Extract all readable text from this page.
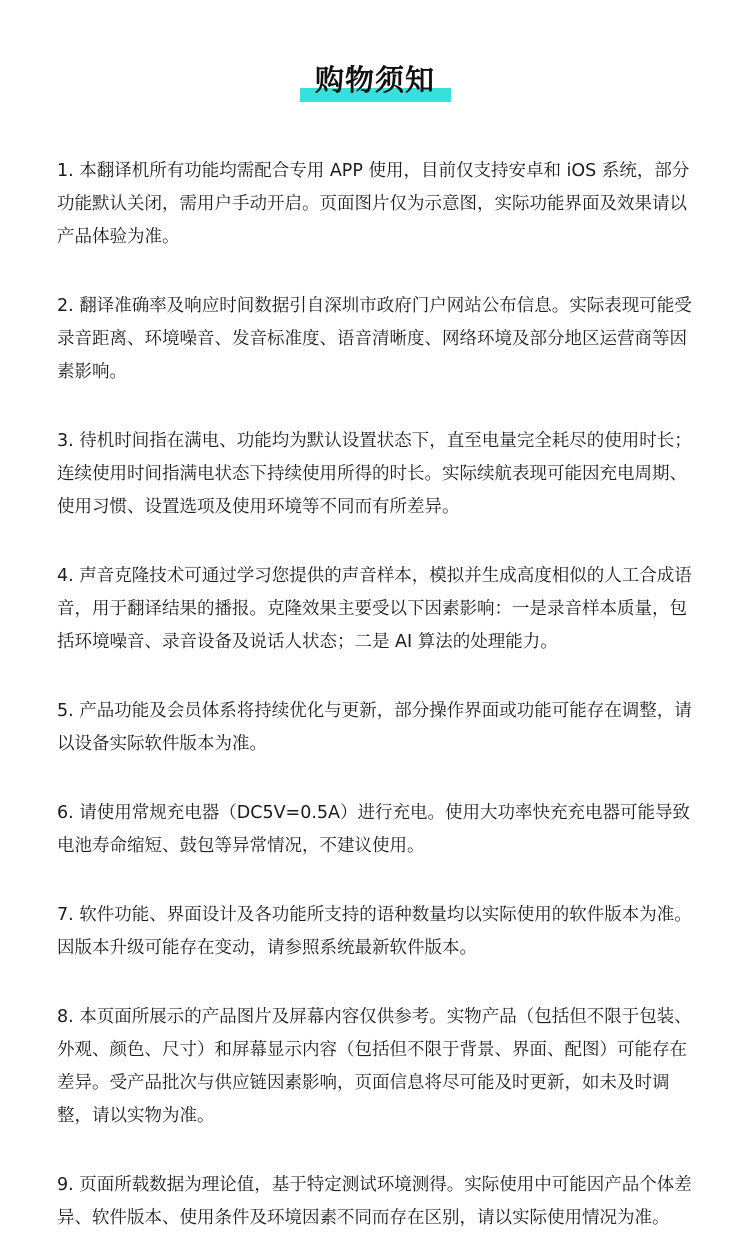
购物须知
1. 本翻译机所有功能均需配合专用 APP 使用，目前仅支持安卓和 iOS 系统，部分功能默认关闭，需用户手动开启。页面图片仅为示意图，实际功能界面及效果请以产品体验为准。
2. 翻译准确率及响应时间数据引自深圳市政府门户网站公布信息。实际表现可能受录音距离、环境噪音、发音标准度、语音清晰度、网络环境及部分地区运营商等因素影响。
3. 待机时间指在满电、功能均为默认设置状态下，直至电量完全耗尽的使用时长；连续使用时间指满电状态下持续使用所得的时长。实际续航表现可能因充电周期、使用习惯、设置选项及使用环境等不同而有所差异。
4. 声音克隆技术可通过学习您提供的声音样本，模拟并生成高度相似的人工合成语音，用于翻译结果的播报。克隆效果主要受以下因素影响：一是录音样本质量，包括环境噪音、录音设备及说话人状态；二是 AI 算法的处理能力。
5. 产品功能及会员体系将持续优化与更新，部分操作界面或功能可能存在调整，请以设备实际软件版本为准。
6. 请使用常规充电器（DC5V=0.5A）进行充电。使用大功率快充充电器可能导致电池寿命缩短、鼓包等异常情况，不建议使用。
7. 软件功能、界面设计及各功能所支持的语种数量均以实际使用的软件版本为准。因版本升级可能存在变动，请参照系统最新软件版本。
8. 本页面所展示的产品图片及屏幕内容仅供参考。实物产品（包括但不限于包装、外观、颜色、尺寸）和屏幕显示内容（包括但不限于背景、界面、配图）可能存在差异。受产品批次与供应链因素影响，页面信息将尽可能及时更新，如未及时调整，请以实物为准。
9. 页面所载数据为理论值，基于特定测试环境测得。实际使用中可能因产品个体差异、软件版本、使用条件及环境因素不同而存在区别，请以实际使用情况为准。
